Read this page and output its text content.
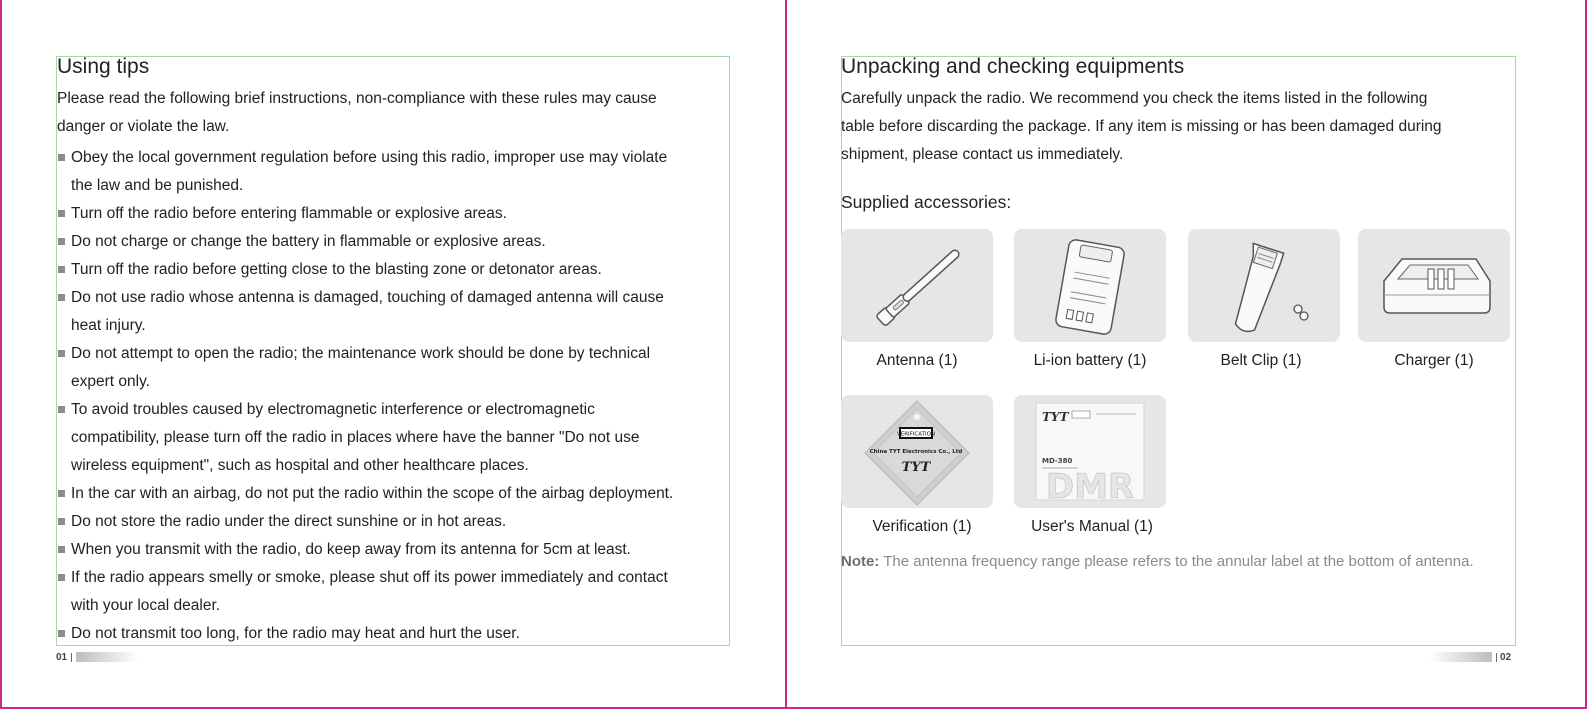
Using tips
Please read the following brief instructions, non-compliance with these rules may cause
danger or violate the law.
Obey the local government regulation before using this radio, improper use may violate
the law and be punished.
Turn off the radio before entering flammable or explosive areas.
Do not charge or change the battery in flammable or explosive areas.
Turn off the radio before getting close to the blasting zone or detonator areas.
Do not use radio whose antenna is damaged, touching of damaged antenna will cause
heat injury.
Do not attempt to open the radio; the maintenance work should be done by technical
expert only.
To avoid troubles caused by electromagnetic interference or electromagnetic
compatibility, please turn off the radio in places where have the banner "Do not use
wireless equipment", such as hospital and other healthcare places.
In the car with an airbag, do not put the radio within the scope of the airbag deployment.
Do not store the radio under the direct sunshine or in hot areas.
When you transmit with the radio, do keep away from its antenna for 5cm at least.
If the radio appears smelly or smoke, please shut off its power immediately and contact
with your local dealer.
Do not transmit too long, for the radio may heat and hurt the user.
01
Unpacking and checking equipments
Carefully unpack the radio. We recommend you check the items listed in the following
table before discarding the package. If any item is missing or has been damaged during
shipment, please contact us immediately.
Supplied accessories:
Antenna (1)	Li-ion battery (1)	Belt Clip (1)	Charger (1)
VERIFICATION
China TYT Electronics Co., Ltd
TYT
TYT
MD-380
DMR
Verification (1)	User's Manual (1)
Note: The antenna frequency range please refers to the annular label at the bottom of antenna.
02
